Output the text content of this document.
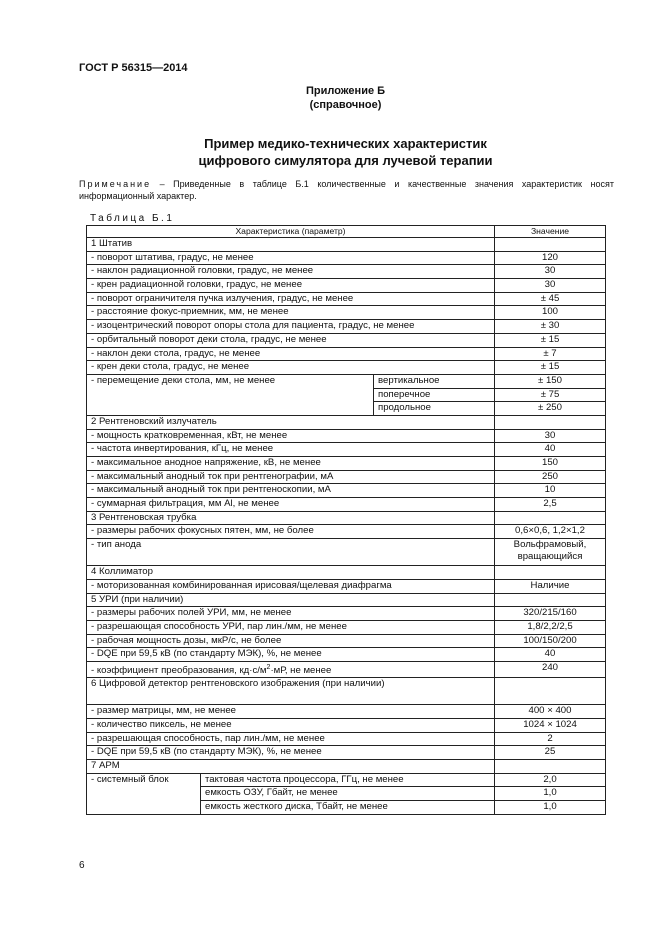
ГОСТ Р 56315—2014
Приложение Б
(справочное)
Пример медико-технических характеристик
цифрового симулятора для лучевой терапии
Примечание – Приведенные в таблице Б.1 количественные и качественные значения характеристик носят информационный характер.
Таблица Б.1
Характеристика (параметр)			Значение
1 Штатив			
- поворот штатива, градус, не менее			120
- наклон радиационной головки, градус, не менее			30
- крен радиационной головки, градус, не менее			30
- поворот ограничителя пучка излучения, градус, не менее			± 45
- расстояние фокус-приемник, мм, не менее			100
- изоцентрический поворот опоры стола для пациента, градус, не менее			± 30
- орбитальный поворот деки стола, градус, не менее			± 15
- наклон деки стола, градус, не менее			± 7
- крен деки стола, градус, не менее			± 15
- перемещение деки стола, мм, не менее		вертикальное	± 150
		поперечное	± 75
		продольное	± 250
2 Рентгеновский излучатель			
- мощность кратковременная, кВт, не менее			30
- частота инвертирования, кГц, не менее			40
- максимальное анодное напряжение, кВ, не менее			150
- максимальный анодный ток при рентгенографии, мА			250
- максимальный анодный ток при рентгеноскопии, мА			10
- суммарная фильтрация, мм Al, не менее			2,5
3 Рентгеновская трубка			
- размеры рабочих фокусных пятен, мм, не более			0,6×0,6, 1,2×1,2
- тип анода			Вольфрамовый, вращающийся
4 Коллиматор			
- моторизованная комбинированная ирисовая/щелевая диафрагма			Наличие
5 УРИ (при наличии)			
- размеры рабочих полей УРИ, мм, не менее			320/215/160
- разрешающая способность УРИ, пар лин./мм, не менее			1,8/2,2/2,5
- рабочая мощность дозы, мкР/с, не более			100/150/200
- DQE при 59,5 кВ (по стандарту МЭК), %, не менее			40
- коэффициент преобразования, $кд\cdot с/м^2\cdot мР$, не менее			240
6 Цифровой детектор рентгеновского изображения (при наличии)			
- размер матрицы, мм, не менее			400 × 400
- количество пиксель, не менее			1024 × 1024
- разрешающая способность, пар лин./мм, не менее			2
- DQE при 59,5 кВ (по стандарту МЭК), %, не менее			25
7 АРМ			
- системный блок	тактовая частота процессора, ГГц, не менее		2,0
	емкость ОЗУ, Гбайт, не менее		1,0
	емкость жесткого диска, Тбайт, не менее		1,0
6
